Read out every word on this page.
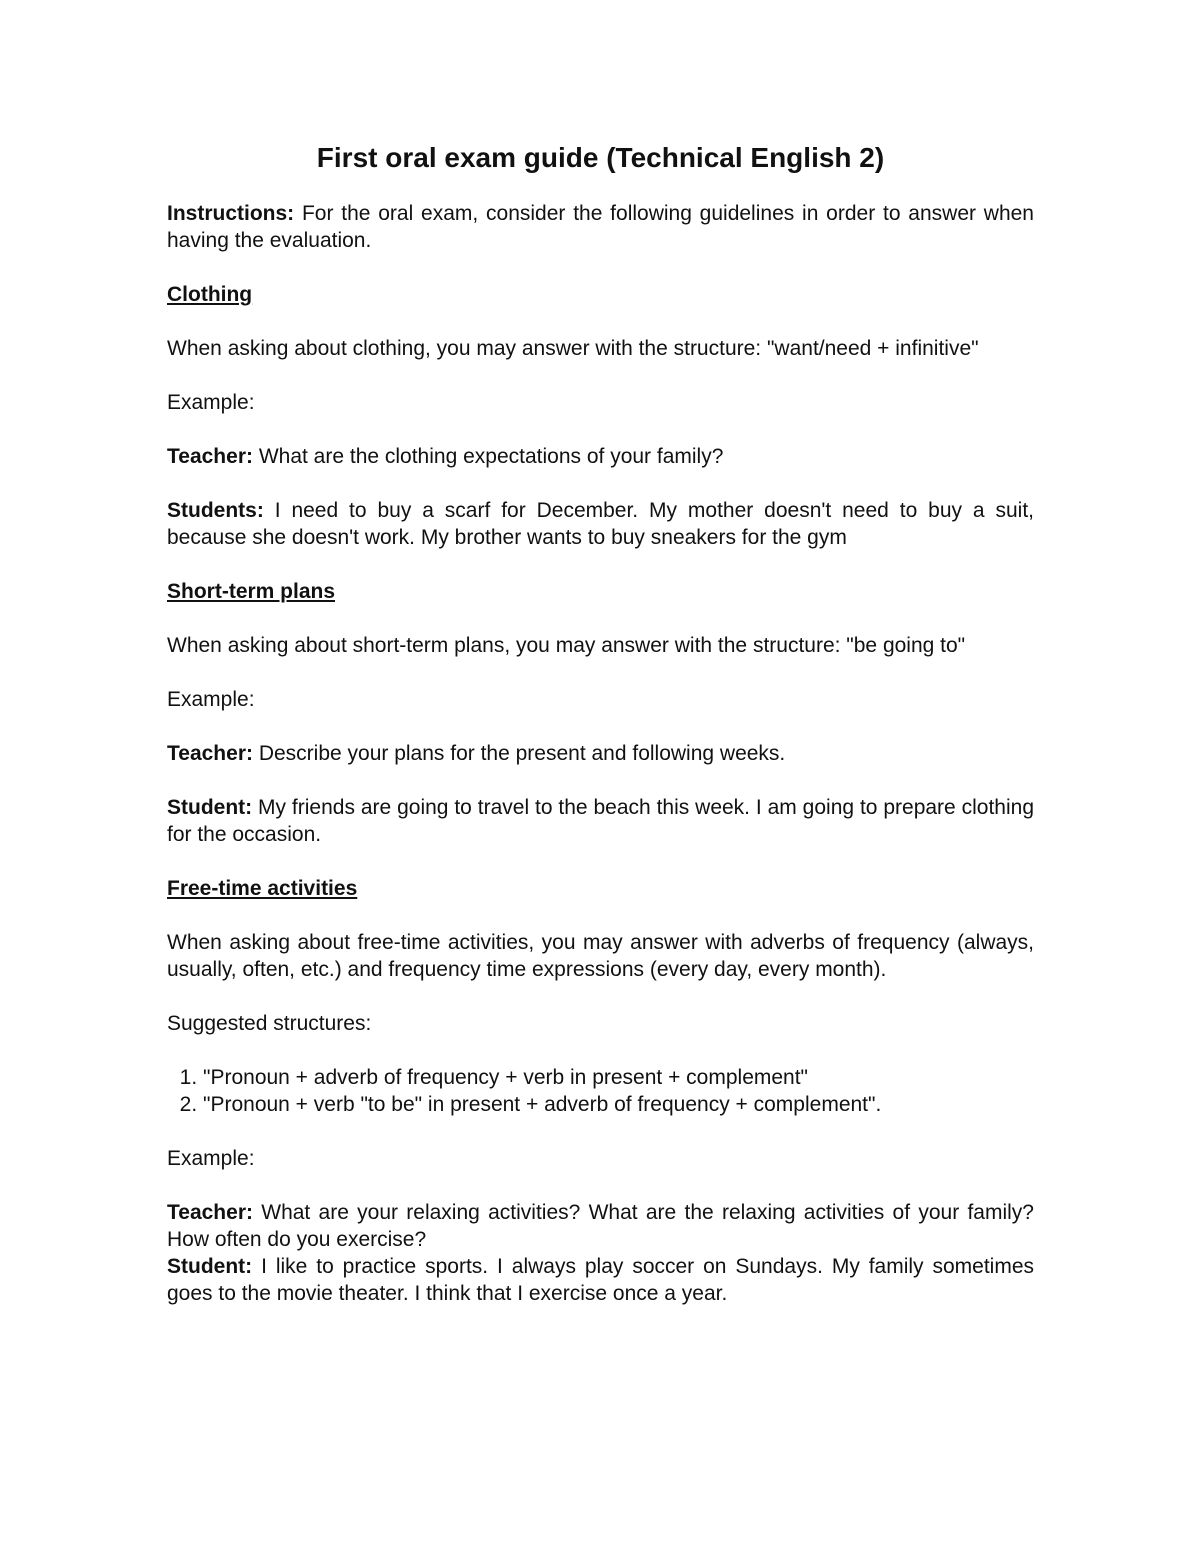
First oral exam guide (Technical English 2)

Instructions: For the oral exam, consider the following guidelines in order to answer when having the evaluation.

Clothing

When asking about clothing, you may answer with the structure: "want/need + infinitive"

Example:

Teacher: What are the clothing expectations of your family?

Students: I need to buy a scarf for December. My mother doesn't need to buy a suit, because she doesn't work. My brother wants to buy sneakers for the gym

Short-term plans

When asking about short-term plans, you may answer with the structure: "be going to"

Example:

Teacher: Describe your plans for the present and following weeks.

Student: My friends are going to travel to the beach this week. I am going to prepare clothing for the occasion.

Free-time activities

When asking about free-time activities, you may answer with adverbs of frequency (always, usually, often, etc.) and frequency time expressions (every day, every month).

Suggested structures:

1. "Pronoun + adverb of frequency + verb in present + complement"
2. "Pronoun + verb "to be" in present + adverb of frequency + complement".

Example:

Teacher: What are your relaxing activities? What are the relaxing activities of your family? How often do you exercise?

Student: I like to practice sports. I always play soccer on Sundays. My family sometimes goes to the movie theater. I think that I exercise once a year.
